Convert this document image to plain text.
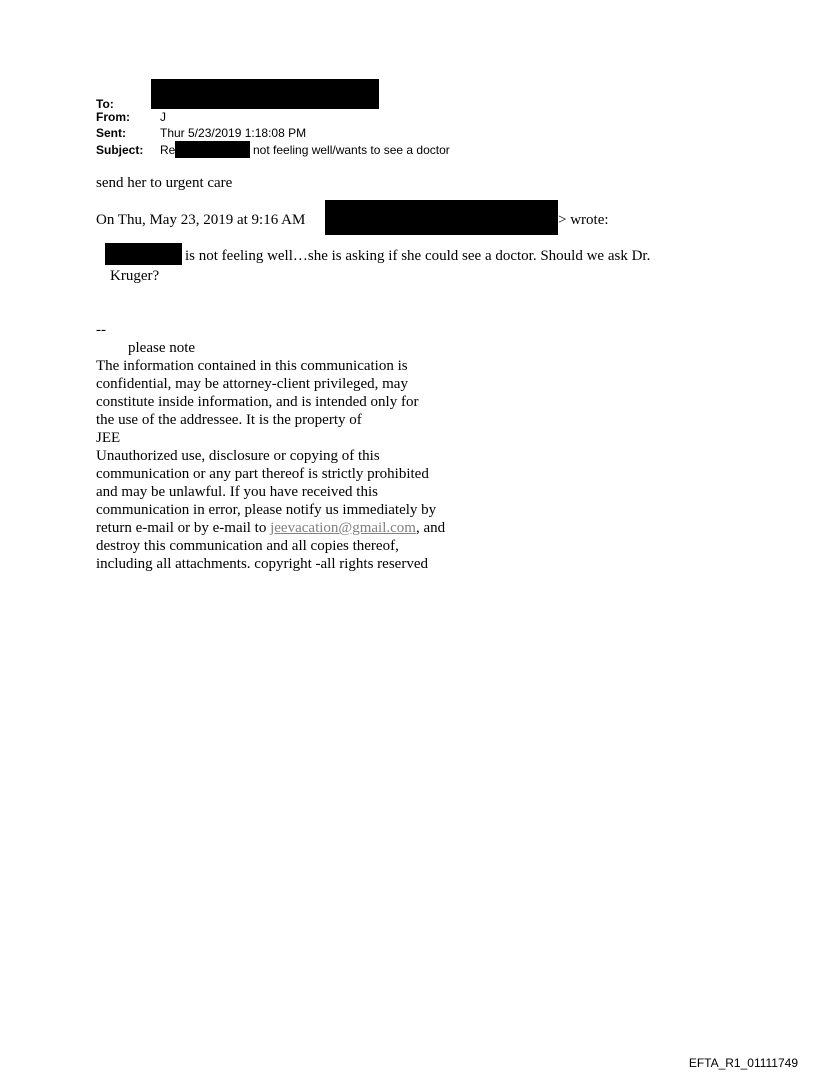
To:
From:	J
Sent:	Thur 5/23/2019 1:18:08 PM
Subject: Re	not feeling well/wants to see a doctor
send her to urgent care
On Thu, May 23, 2019 at 9:16 AM	> wrote:
is not feeling well…she is asking if she could see a doctor. Should we ask Dr.
Kruger?
--
please note
The information contained in this communication is
confidential, may be attorney-client privileged, may
constitute inside information, and is intended only for
the use of the addressee. It is the property of
JEE
Unauthorized use, disclosure or copying of this
communication or any part thereof is strictly prohibited
and may be unlawful. If you have received this
communication in error, please notify us immediately by
return e-mail or by e-mail to jeevacation@gmail.com, and
destroy this communication and all copies thereof,
including all attachments. copyright -all rights reserved
EFTA_R1_01111749
